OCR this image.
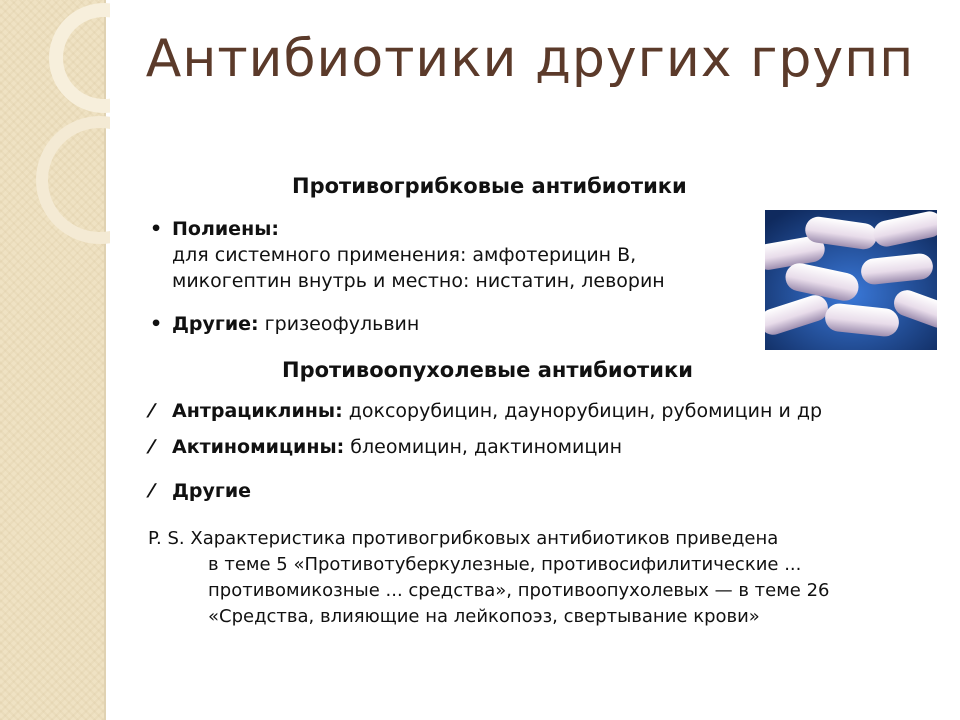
Антибиотики других групп
Противогрибковые антибиотики
• Полиены:
для системного применения: амфотерицин В,
микогептин внутрь и местно: нистатин, леворин
• Другие: гризеофульвин
Противоопухолевые антибиотики
⁄ Антрациклины: доксорубицин, даунорубицин, рубомицин и др
⁄ Актиномицины: блеомицин, дактиномицин
⁄ Другие
P. S. Характеристика противогрибковых антибиотиков приведена
в теме 5 «Противотуберкулезные, противосифилитические ...
противомикозные ... средства», противоопухолевых — в теме 26
«Средства, влияющие на лейкопоэз, свертывание крови»
